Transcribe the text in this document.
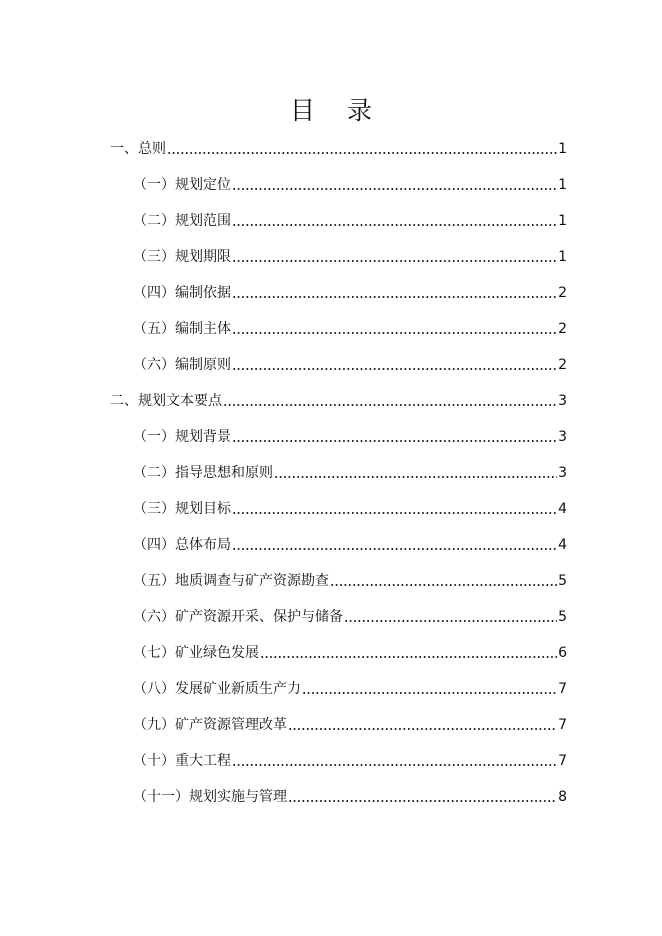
目 录
一、总则	1
（一）规划定位	1
（二）规划范围	1
（三）规划期限	1
（四）编制依据	2
（五）编制主体	2
（六）编制原则	2
二、规划文本要点	3
（一）规划背景	3
（二）指导思想和原则	3
（三）规划目标	4
（四）总体布局	4
（五）地质调查与矿产资源勘查	5
（六）矿产资源开采、保护与储备	5
（七）矿业绿色发展	6
（八）发展矿业新质生产力	7
（九）矿产资源管理改革	7
（十）重大工程	7
（十一）规划实施与管理	8
